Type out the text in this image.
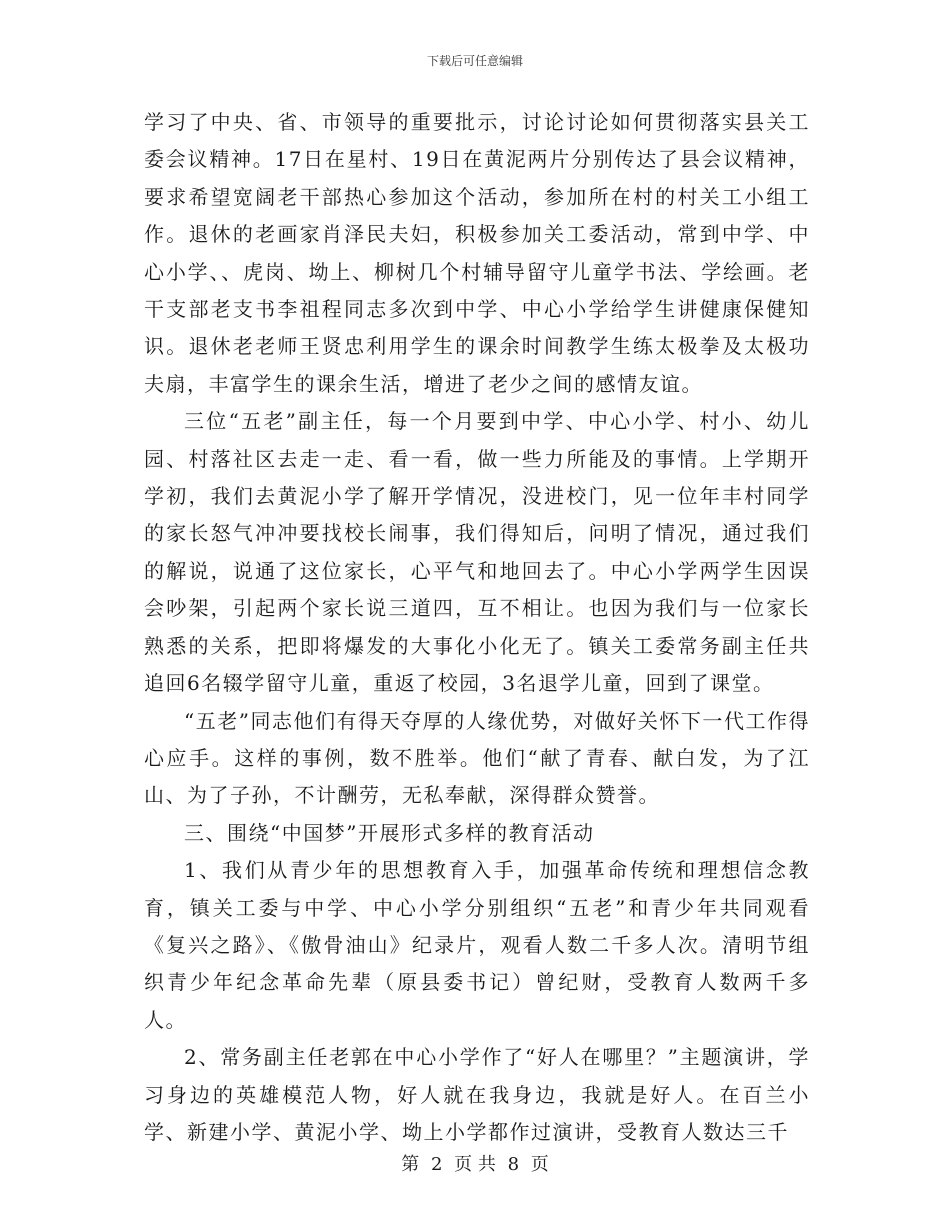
下载后可任意编辑

学习了中央、省、市领导的重要批示，讨论讨论如何贯彻落实县关工委会议精神。17日在星村、19日在黄泥两片分别传达了县会议精神，要求希望宽阔老干部热心参加这个活动，参加所在村的村关工小组工作。退休的老画家肖泽民夫妇，积极参加关工委活动，常到中学、中心小学、、虎岗、坳上、柳树几个村辅导留守儿童学书法、学绘画。老干支部老支书李祖程同志多次到中学、中心小学给学生讲健康保健知识。退休老老师王贤忠利用学生的课余时间教学生练太极拳及太极功夫扇，丰富学生的课余生活，增进了老少之间的感情友谊。

三位“五老”副主任，每一个月要到中学、中心小学、村小、幼儿园、村落社区去走一走、看一看，做一些力所能及的事情。上学期开学初，我们去黄泥小学了解开学情况，没进校门，见一位年丰村同学的家长怒气冲冲要找校长闹事，我们得知后，问明了情况，通过我们的解说，说通了这位家长，心平气和地回去了。中心小学两学生因误会吵架，引起两个家长说三道四，互不相让。也因为我们与一位家长熟悉的关系，把即将爆发的大事化小化无了。镇关工委常务副主任共追回6名辍学留守儿童，重返了校园，3名退学儿童，回到了课堂。

“五老”同志他们有得天夺厚的人缘优势，对做好关怀下一代工作得心应手。这样的事例，数不胜举。他们“献了青春、献白发，为了江山、为了子孙，不计酬劳，无私奉献，深得群众赞誉。

三、围绕“中国梦”开展形式多样的教育活动

1、我们从青少年的思想教育入手，加强革命传统和理想信念教育，镇关工委与中学、中心小学分别组织“五老”和青少年共同观看《复兴之路》、《傲骨油山》纪录片，观看人数二千多人次。清明节组织青少年纪念革命先辈（原县委书记）曾纪财，受教育人数两千多人。

2、常务副主任老郭在中心小学作了“好人在哪里？”主题演讲，学习身边的英雄模范人物，好人就在我身边，我就是好人。在百兰小学、新建小学、黄泥小学、坳上小学都作过演讲，受教育人数达三千

第 2 页 共 8 页
